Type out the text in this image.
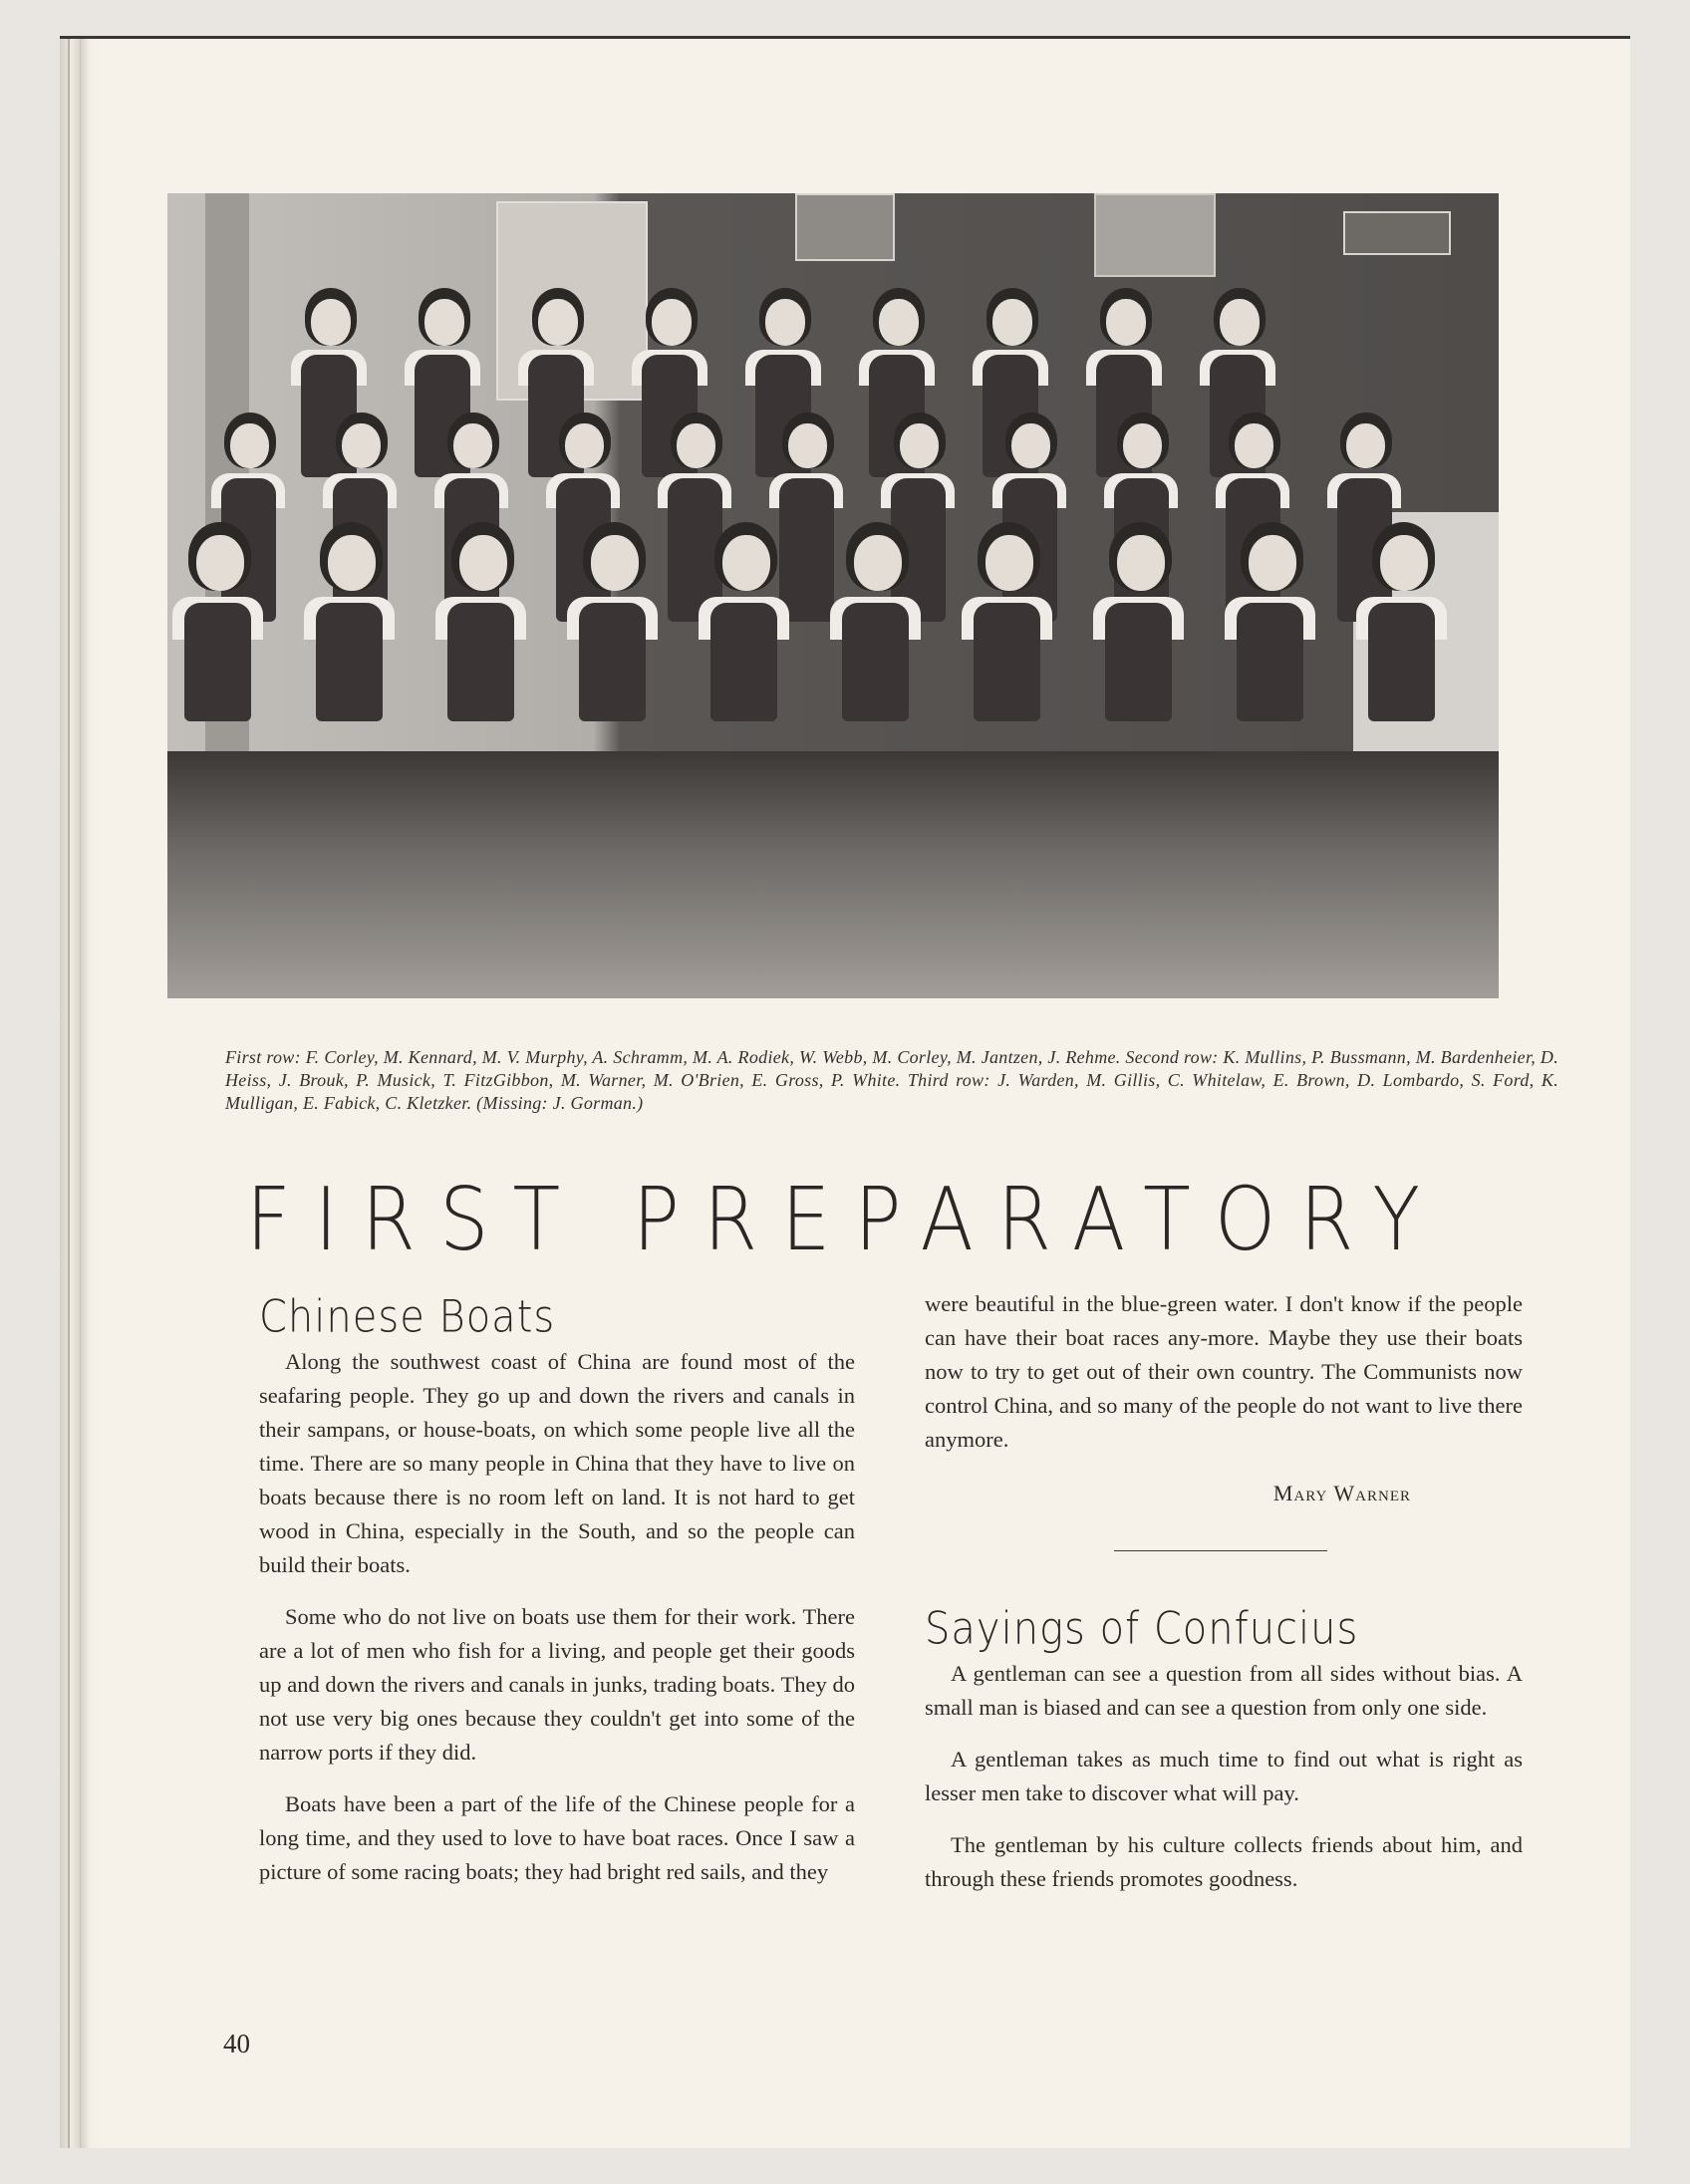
First row: F. Corley, M. Kennard, M. V. Murphy, A. Schramm, M. A. Rodiek, W. Webb, M. Corley, M. Jantzen, J. Rehme. Second row: K. Mullins, P. Bussmann, M. Bardenheier, D. Heiss, J. Brouk, P. Musick, T. FitzGibbon, M. Warner, M. O'Brien, E. Gross, P. White. Third row: J. Warden, M. Gillis, C. Whitelaw, E. Brown, D. Lombardo, S. Ford, K. Mulligan, E. Fabick, C. Kletzker. (Missing: J. Gorman.)
FIRST PREPARATORY
Chinese Boats

Along the southwest coast of China are found most of the seafaring people. They go up and down the rivers and canals in their sampans, or house-boats, on which some people live all the time. There are so many people in China that they have to live on boats because there is no room left on land. It is not hard to get wood in China, especially in the South, and so the people can build their boats.

Some who do not live on boats use them for their work. There are a lot of men who fish for a living, and people get their goods up and down the rivers and canals in junks, trading boats. They do not use very big ones because they couldn't get into some of the narrow ports if they did.

Boats have been a part of the life of the Chinese people for a long time, and they used to love to have boat races. Once I saw a picture of some racing boats; they had bright red sails, and they

were beautiful in the blue-green water. I don't know if the people can have their boat races any-more. Maybe they use their boats now to try to get out of their own country. The Communists now control China, and so many of the people do not want to live there anymore.

Mary Warner
Sayings of Confucius

A gentleman can see a question from all sides without bias. A small man is biased and can see a question from only one side.

A gentleman takes as much time to find out what is right as lesser men take to discover what will pay.

The gentleman by his culture collects friends about him, and through these friends promotes goodness.

40
